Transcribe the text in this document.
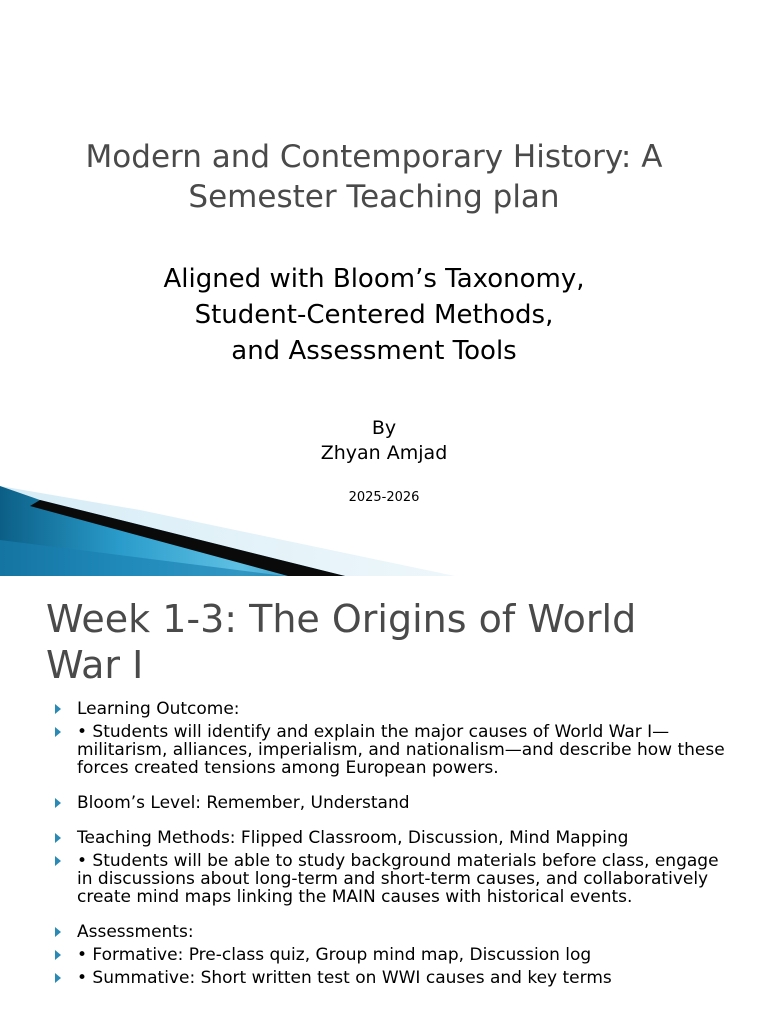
Modern and Contemporary History: A
Semester Teaching plan
Aligned with Bloom’s Taxonomy,
Student-Centered Methods,
and Assessment Tools
By
Zhyan Amjad
2025-2026
Week 1-3: The Origins of World
War I
Learning Outcome:
• Students will identify and explain the major causes of World War I—militarism, alliances, imperialism, and nationalism—and describe how these forces created tensions among European powers.
Bloom’s Level: Remember, Understand
Teaching Methods: Flipped Classroom, Discussion, Mind Mapping
• Students will be able to study background materials before class, engage in discussions about long-term and short-term causes, and collaboratively create mind maps linking the MAIN causes with historical events.
Assessments:
• Formative: Pre-class quiz, Group mind map, Discussion log
• Summative: Short written test on WWI causes and key terms
